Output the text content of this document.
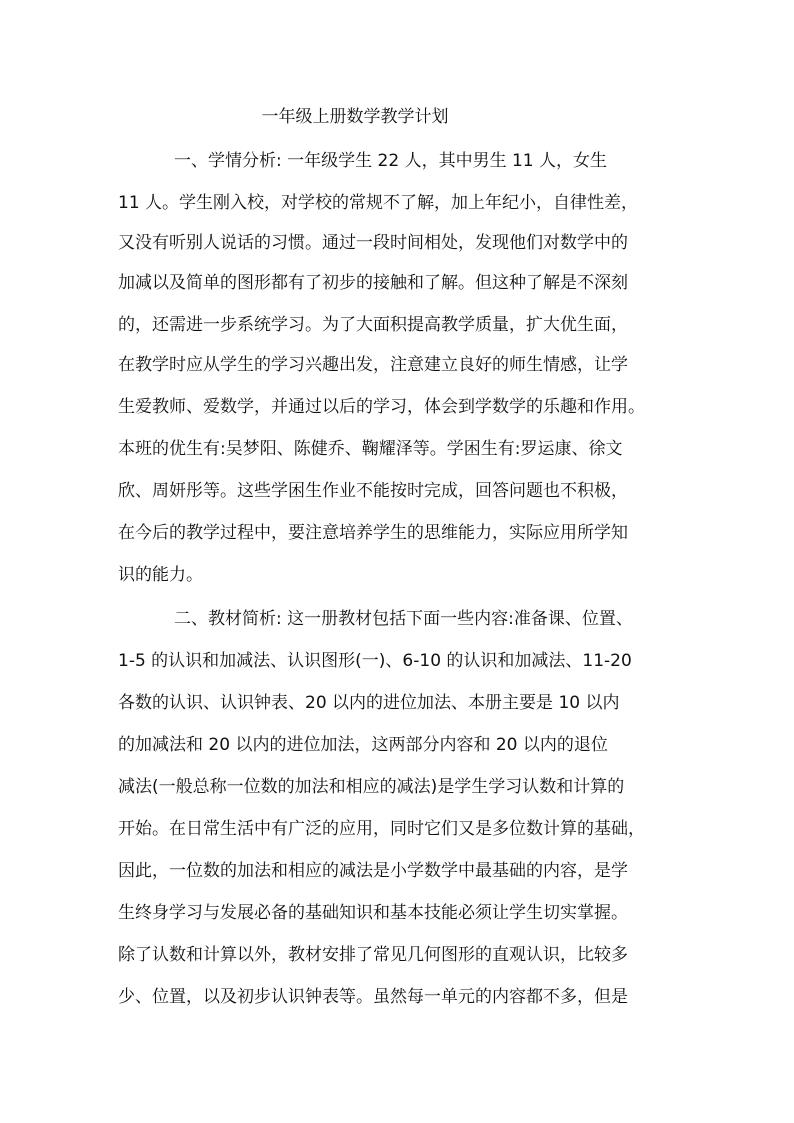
一年级上册数学教学计划
一、学情分析: 一年级学生 22 人，其中男生 11 人，女生
11 人。学生刚入校，对学校的常规不了解，加上年纪小，自律性差，
又没有听别人说话的习惯。通过一段时间相处，发现他们对数学中的
加减以及简单的图形都有了初步的接触和了解。但这种了解是不深刻
的，还需进一步系统学习。为了大面积提高教学质量，扩大优生面，
在教学时应从学生的学习兴趣出发，注意建立良好的师生情感，让学
生爱教师、爱数学，并通过以后的学习，体会到学数学的乐趣和作用。
本班的优生有:吴梦阳、陈健乔、鞠耀泽等。学困生有:罗运康、徐文
欣、周妍彤等。这些学困生作业不能按时完成，回答问题也不积极，
在今后的教学过程中，要注意培养学生的思维能力，实际应用所学知
识的能力。
二、教材简析: 这一册教材包括下面一些内容:准备课、位置、
1-5 的认识和加减法、认识图形(一)、6-10 的认识和加减法、11-20
各数的认识、认识钟表、20 以内的进位加法、本册主要是 10 以内
的加减法和 20 以内的进位加法，这两部分内容和 20 以内的退位
减法(一般总称一位数的加法和相应的减法)是学生学习认数和计算的
开始。在日常生活中有广泛的应用，同时它们又是多位数计算的基础，
因此，一位数的加法和相应的减法是小学数学中最基础的内容，是学
生终身学习与发展必备的基础知识和基本技能必须让学生切实掌握。
除了认数和计算以外，教材安排了常见几何图形的直观认识，比较多
少、位置，以及初步认识钟表等。虽然每一单元的内容都不多，但是
